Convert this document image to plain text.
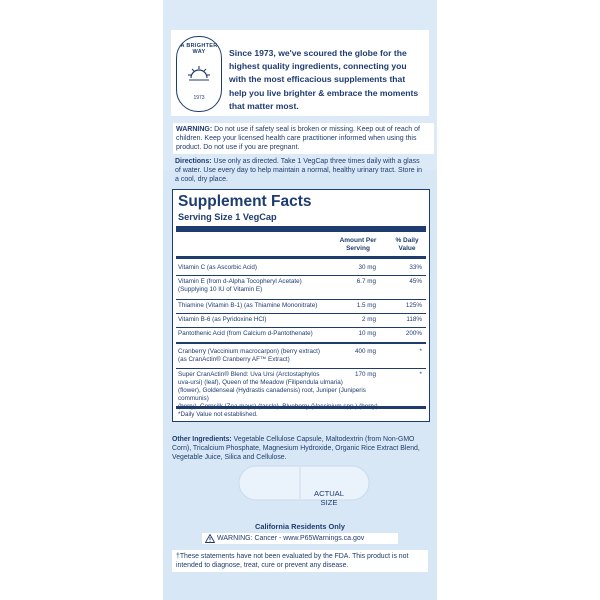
A BRIGHTER WAY
1973
Since 1973, we've scoured the globe for the highest quality ingredients, connecting you with the most efficacious supplements that help you live brighter & embrace the moments that matter most.
WARNING: Do not use if safety seal is broken or missing. Keep out of reach of children. Keep your licensed health care practitioner informed when using this product. Do not use if you are pregnant.
Directions: Use only as directed. Take 1 VegCap three times daily with a glass of water. Use every day to help maintain a normal, healthy urinary tract. Store in a cool, dry place.
Supplement Facts
Serving Size 1 VegCap
Amount Per
Serving
% Daily
Value
Vitamin C (as Ascorbic Acid)	30 mg	33%
Vitamin E (from d-Alpha Tocopheryl Acetate)
(Supplying 10 IU of Vitamin E)
6.7 mg	45%
Thiamine (Vitamin B-1) (as Thiamine Mononitrate)	1.5 mg	125%
Vitamin B-6 (as Pyridoxine HCl)	2 mg	118%
Pantothenic Acid (from Calcium d-Pantothenate)	10 mg	200%
Cranberry (Vaccinium macrocarpon) (berry extract)
(as CranActin® Cranberry AF™ Extract)
400 mg	*
Super CranActin® Blend: Uva Ursi (Arctostaphylos
uva-ursi) (leaf), Queen of the Meadow (Filipendula ulmaria)
(flower), Goldenseal (Hydrastis canadensis) root, Juniper (Juniperis communis)

170 mg	*
*Daily Value not established.
Other Ingredients: Vegetable Cellulose Capsule, Maltodextrin (from Non-GMO Corn), Tricalcium Phosphate, Magnesium Hydroxide, Organic Rice Extract Blend, Vegetable Juice, Silica and Cellulose.
ACTUAL SIZE
California Residents Only
WARNING: Cancer - www.P65Warnings.ca.gov
†These statements have not been evaluated by the FDA. This product is not intended to diagnose, treat, cure or prevent any disease.
